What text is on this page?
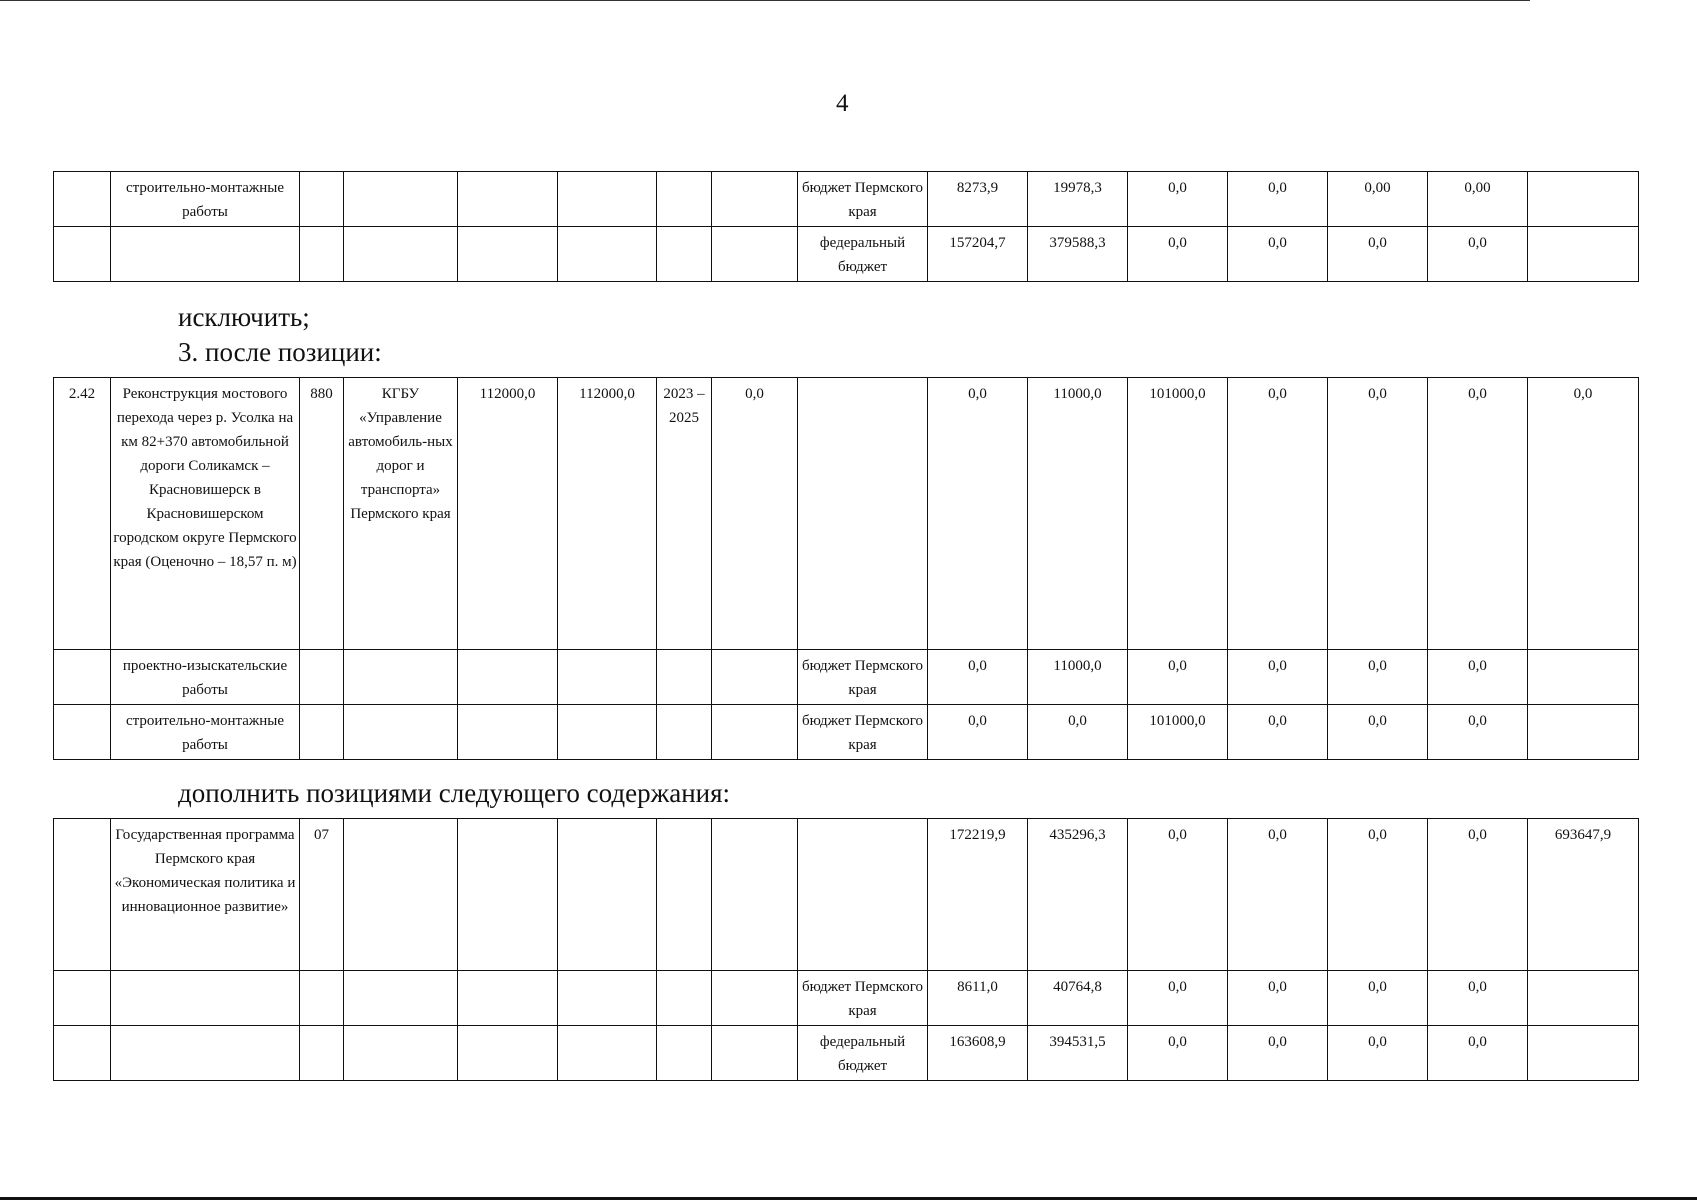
4
	строительно-монтажные работы							бюджет Пермского края	8273,9	19978,3	0,0	0,0	0,00	0,00	
								федеральный бюджет	157204,7	379588,3	0,0	0,0	0,0	0,0	
исключить;
3. после позиции:
2.42	Реконструкция мостового перехода через р. Усолка на км 82+370 автомобильной дороги Соликамск – Красновишерск в Красновишерском городском округе Пермского края (Оценочно – 18,57 п. м)	880	КГБУ «Управление автомобиль-ных дорог и транспорта» Пермского края	112000,0	112000,0	2023 – 2025	0,0		0,0	11000,0	101000,0	0,0	0,0	0,0	0,0
	проектно-изыскательские работы							бюджет Пермского края	0,0	11000,0	0,0	0,0	0,0	0,0	
	строительно-монтажные работы							бюджет Пермского края	0,0	0,0	101000,0	0,0	0,0	0,0	
дополнить позициями следующего содержания:
	Государственная программа Пермского края «Экономическая политика и инновационное развитие»	07							172219,9	435296,3	0,0	0,0	0,0	0,0	693647,9
								бюджет Пермского края	8611,0	40764,8	0,0	0,0	0,0	0,0	
								федеральный бюджет	163608,9	394531,5	0,0	0,0	0,0	0,0	
